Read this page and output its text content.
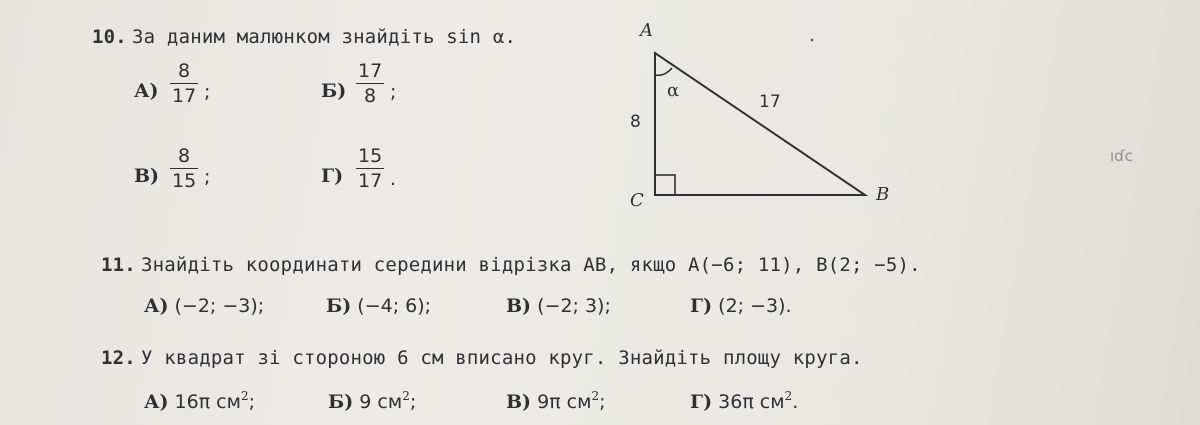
10. За даним малюнком знайдіть sin α.
А)
8
17 ;	Б)
17
8 ;
В)
8
15 ;	Г)
15
17 .
A
C	B
α
8
17
ıɗc
11. Знайдіть координати середини відрізка AB, якщо A(−6; 11), B(2; −5).
А) (−2; −3);	Б) (−4; 6);	В) (−2; 3);	Г) (2; −3).
12. У квадрат зі стороною 6 см вписано круг. Знайдіть площу круга.
А) 16π $см^2$;	Б) 9 $см^2$;	В) 9π $см^2$;	Г) 36π $см^2$.
